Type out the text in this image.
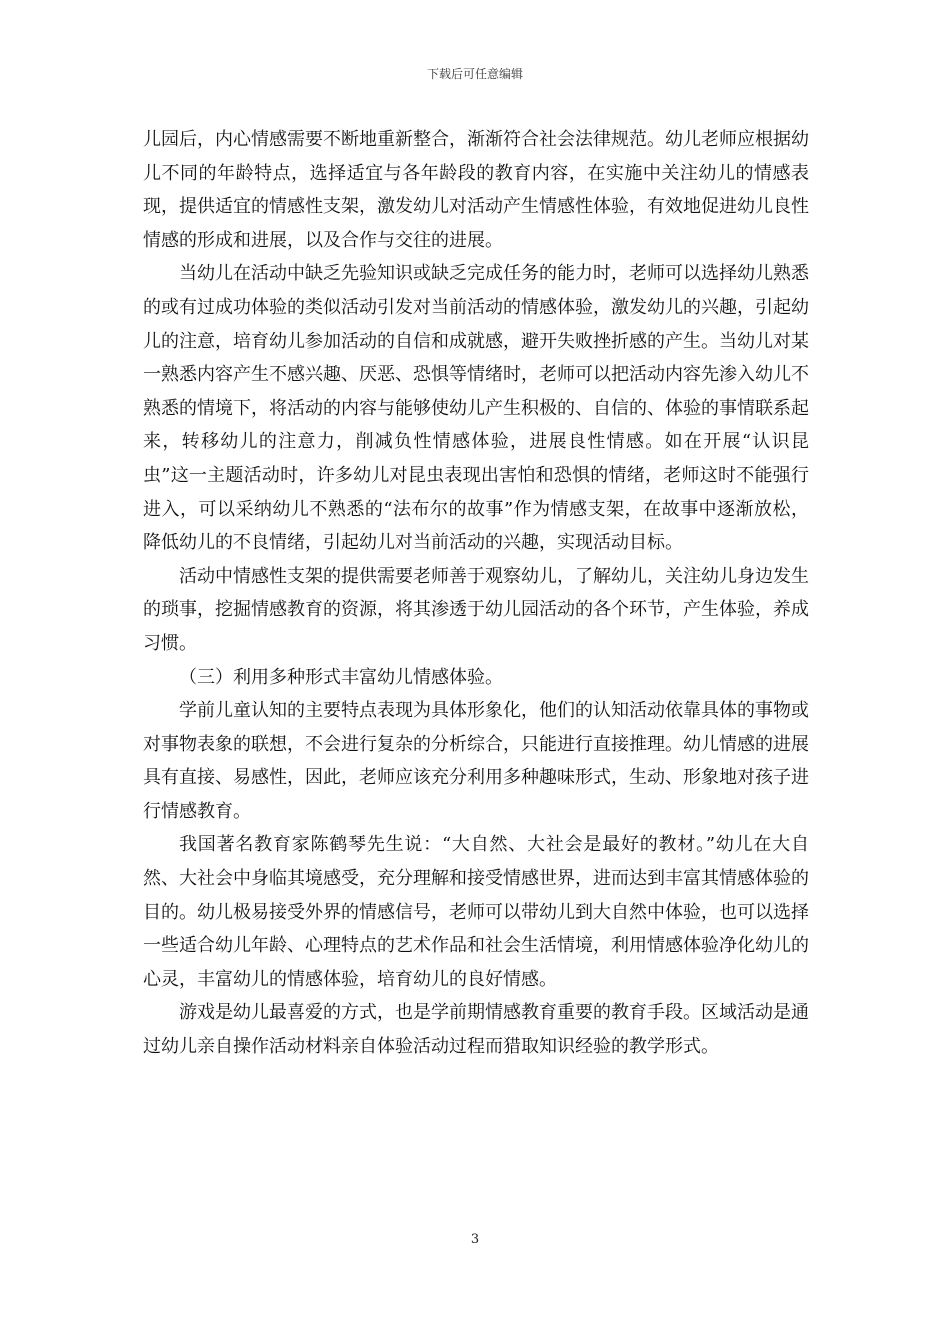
下载后可任意编辑

儿园后，内心情感需要不断地重新整合，渐渐符合社会法律规范。幼儿老师应根据幼儿不同的年龄特点，选择适宜与各年龄段的教育内容，在实施中关注幼儿的情感表现，提供适宜的情感性支架，激发幼儿对活动产生情感性体验，有效地促进幼儿良性情感的形成和进展，以及合作与交往的进展。

当幼儿在活动中缺乏先验知识或缺乏完成任务的能力时，老师可以选择幼儿熟悉的或有过成功体验的类似活动引发对当前活动的情感体验，激发幼儿的兴趣，引起幼儿的注意，培育幼儿参加活动的自信和成就感，避开失败挫折感的产生。当幼儿对某一熟悉内容产生不感兴趣、厌恶、恐惧等情绪时，老师可以把活动内容先渗入幼儿不熟悉的情境下，将活动的内容与能够使幼儿产生积极的、自信的、体验的事情联系起来，转移幼儿的注意力，削减负性情感体验，进展良性情感。如在开展“认识昆虫”这一主题活动时，许多幼儿对昆虫表现出害怕和恐惧的情绪，老师这时不能强行进入，可以采纳幼儿不熟悉的“法布尔的故事”作为情感支架，在故事中逐渐放松，降低幼儿的不良情绪，引起幼儿对当前活动的兴趣，实现活动目标。

活动中情感性支架的提供需要老师善于观察幼儿，了解幼儿，关注幼儿身边发生的琐事，挖掘情感教育的资源，将其渗透于幼儿园活动的各个环节，产生体验，养成习惯。

（三）利用多种形式丰富幼儿情感体验。

学前儿童认知的主要特点表现为具体形象化，他们的认知活动依靠具体的事物或对事物表象的联想，不会进行复杂的分析综合，只能进行直接推理。幼儿情感的进展具有直接、易感性，因此，老师应该充分利用多种趣味形式，生动、形象地对孩子进行情感教育。

我国著名教育家陈鹤琴先生说：“大自然、大社会是最好的教材。”幼儿在大自然、大社会中身临其境感受，充分理解和接受情感世界，进而达到丰富其情感体验的目的。幼儿极易接受外界的情感信号，老师可以带幼儿到大自然中体验，也可以选择一些适合幼儿年龄、心理特点的艺术作品和社会生活情境，利用情感体验净化幼儿的心灵，丰富幼儿的情感体验，培育幼儿的良好情感。

游戏是幼儿最喜爱的方式，也是学前期情感教育重要的教育手段。区域活动是通过幼儿亲自操作活动材料亲自体验活动过程而猎取知识经验的教学形式。

3
